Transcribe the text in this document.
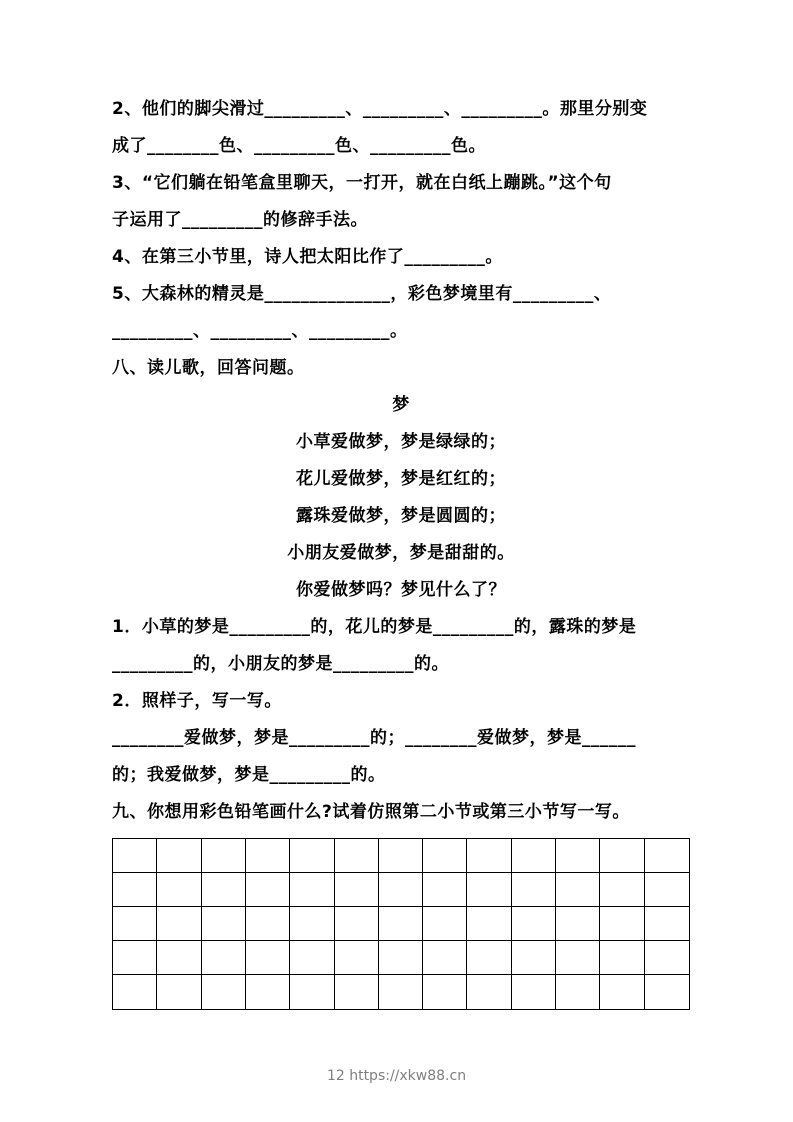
2、他们的脚尖滑过_________、_________、_________。那里分别变

成了________色、_________色、_________色。

3、“它们躺在铅笔盒里聊天，一打开，就在白纸上蹦跳。”这个句

子运用了_________的修辞手法。

4、在第三小节里，诗人把太阳比作了_________。

5、大森林的精灵是______________，彩色梦境里有_________、

_________、_________、_________。

八、读儿歌，回答问题。

梦

小草爱做梦，梦是绿绿的；

花儿爱做梦，梦是红红的；

露珠爱做梦，梦是圆圆的；

小朋友爱做梦，梦是甜甜的。

你爱做梦吗？梦见什么了？

1．小草的梦是_________的，花儿的梦是_________的，露珠的梦是

_________的，小朋友的梦是_________的。

2．照样子，写一写。

________爱做梦，梦是_________的；________爱做梦，梦是______

的；我爱做梦，梦是_________的。

九、你想用彩色铅笔画什么?试着仿照第二小节或第三小节写一写。

12 https://xkw88.cn
